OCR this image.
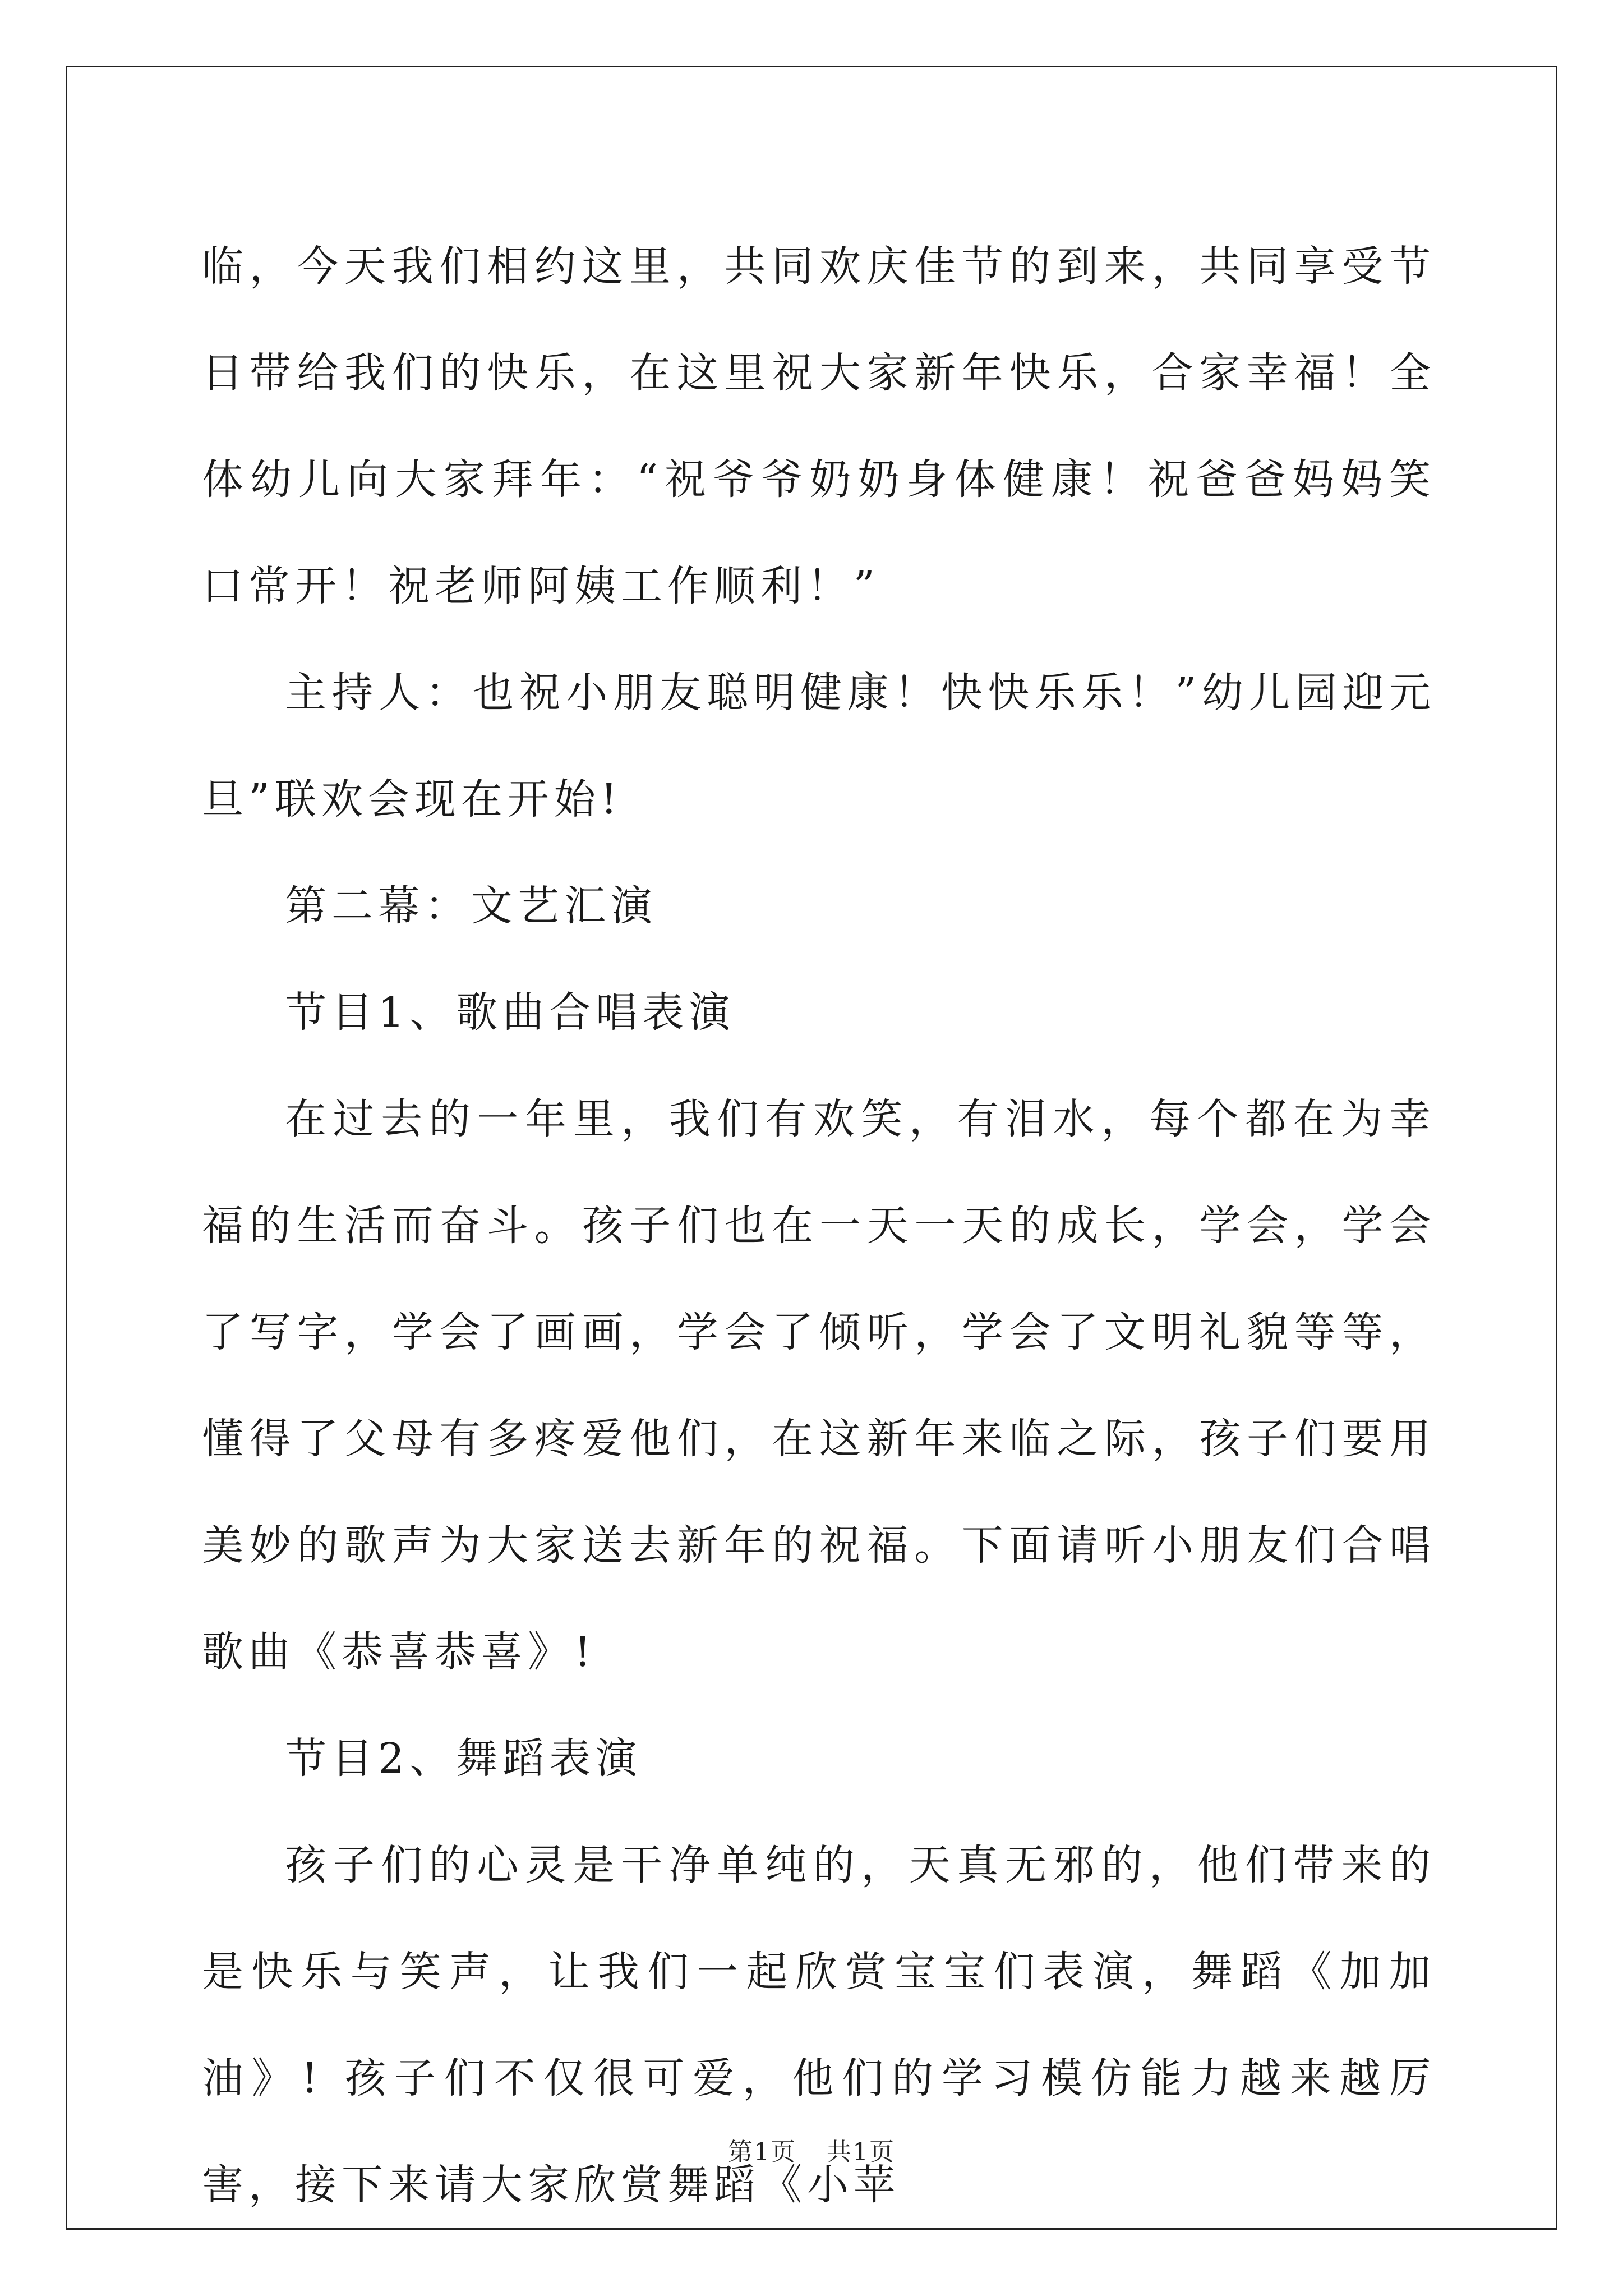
临，今天我们相约这里，共同欢庆佳节的到来，共同享受节日带给我们的快乐，在这里祝大家新年快乐，合家幸福！全体幼儿向大家拜年：“祝爷爷奶奶身体健康！祝爸爸妈妈笑口常开！祝老师阿姨工作顺利！”

主持人：也祝小朋友聪明健康！快快乐乐！”幼儿园迎元旦”联欢会现在开始!

第二幕：文艺汇演

节目1、歌曲合唱表演

在过去的一年里，我们有欢笑，有泪水，每个都在为幸福的生活而奋斗。孩子们也在一天一天的成长，学会，学会了写字，学会了画画，学会了倾听，学会了文明礼貌等等，懂得了父母有多疼爱他们，在这新年来临之际，孩子们要用美妙的歌声为大家送去新年的祝福。下面请听小朋友们合唱歌曲《恭喜恭喜》!

节目2、舞蹈表演

孩子们的心灵是干净单纯的，天真无邪的，他们带来的是快乐与笑声，让我们一起欣赏宝宝们表演，舞蹈《加加油》! 孩子们不仅很可爱，他们的学习模仿能力越来越厉害，接下来请大家欣赏舞蹈《小苹

第1页 共1页
